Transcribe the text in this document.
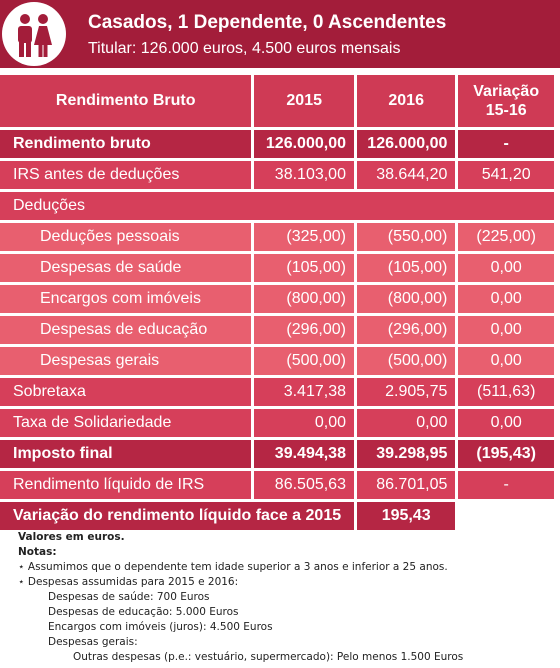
Casados, 1 Dependente, 0 Ascendentes
Titular: 126.000 euros, 4.500 euros mensais
Rendimento Bruto	2015	2016	Variação 15-16
Rendimento bruto	126.000,00	126.000,00	-
IRS antes de deduções	38.103,00	38.644,20	541,20
Deduções			
Deduções pessoais	(325,00)	(550,00)	(225,00)
Despesas de saúde	(105,00)	(105,00)	0,00
Encargos com imóveis	(800,00)	(800,00)	0,00
Despesas de educação	(296,00)	(296,00)	0,00
Despesas gerais	(500,00)	(500,00)	0,00
Sobretaxa	3.417,38	2.905,75	(511,63)
Taxa de Solidariedade	0,00	0,00	0,00
Imposto final	39.494,38	39.298,95	(195,43)
Rendimento líquido de IRS	86.505,63	86.701,05	-
Variação do rendimento líquido face a 2015		195,43	
Valores em euros.
Notas:
⋆ Assumimos que o dependente tem idade superior a 3 anos e inferior a 25 anos.
⋆ Despesas assumidas para 2015 e 2016:
Despesas de saúde: 700 Euros
Despesas de educação: 5.000 Euros
Encargos com imóveis (juros): 4.500 Euros
Despesas gerais:
Outras despesas (p.e.: vestuário, supermercado): Pelo menos 1.500 Euros
